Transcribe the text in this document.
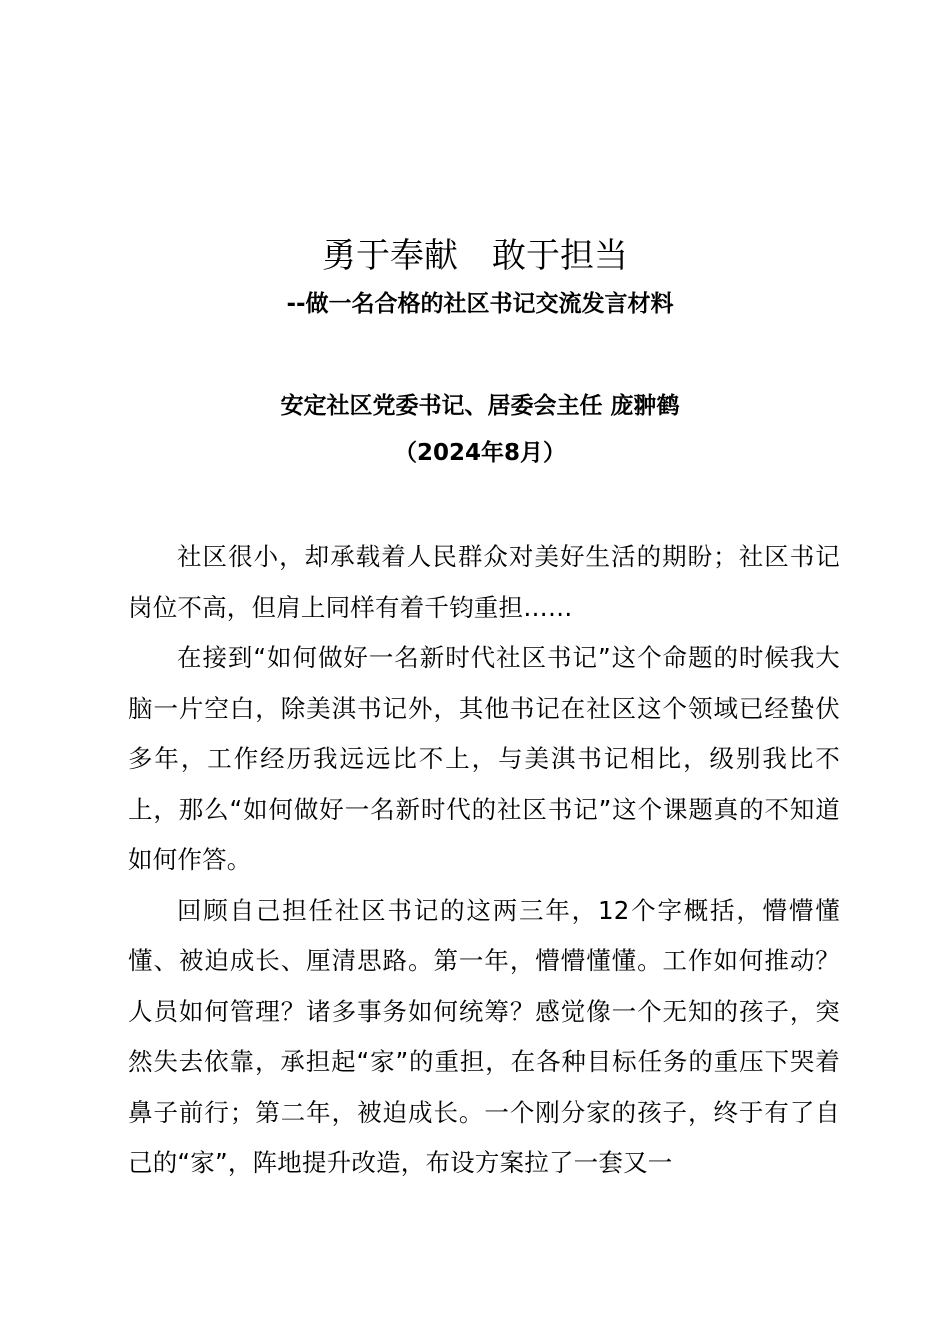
勇于奉献　敢于担当
--做一名合格的社区书记交流发言材料
安定社区党委书记、居委会主任 庞翀鹤
（2024年8月）

社区很小，却承载着人民群众对美好生活的期盼；社区书记岗位不高，但肩上同样有着千钧重担……

在接到“如何做好一名新时代社区书记”这个命题的时候我大脑一片空白，除美淇书记外，其他书记在社区这个领域已经蛰伏多年，工作经历我远远比不上，与美淇书记相比，级别我比不上，那么“如何做好一名新时代的社区书记”这个课题真的不知道如何作答。

回顾自己担任社区书记的这两三年，12个字概括，懵懵懂懂、被迫成长、厘清思路。第一年，懵懵懂懂。工作如何推动？人员如何管理？诸多事务如何统筹？感觉像一个无知的孩子，突然失去依靠，承担起“家”的重担，在各种目标任务的重压下哭着鼻子前行；第二年，被迫成长。一个刚分家的孩子，终于有了自己的“家”，阵地提升改造，布设方案拉了一套又一
